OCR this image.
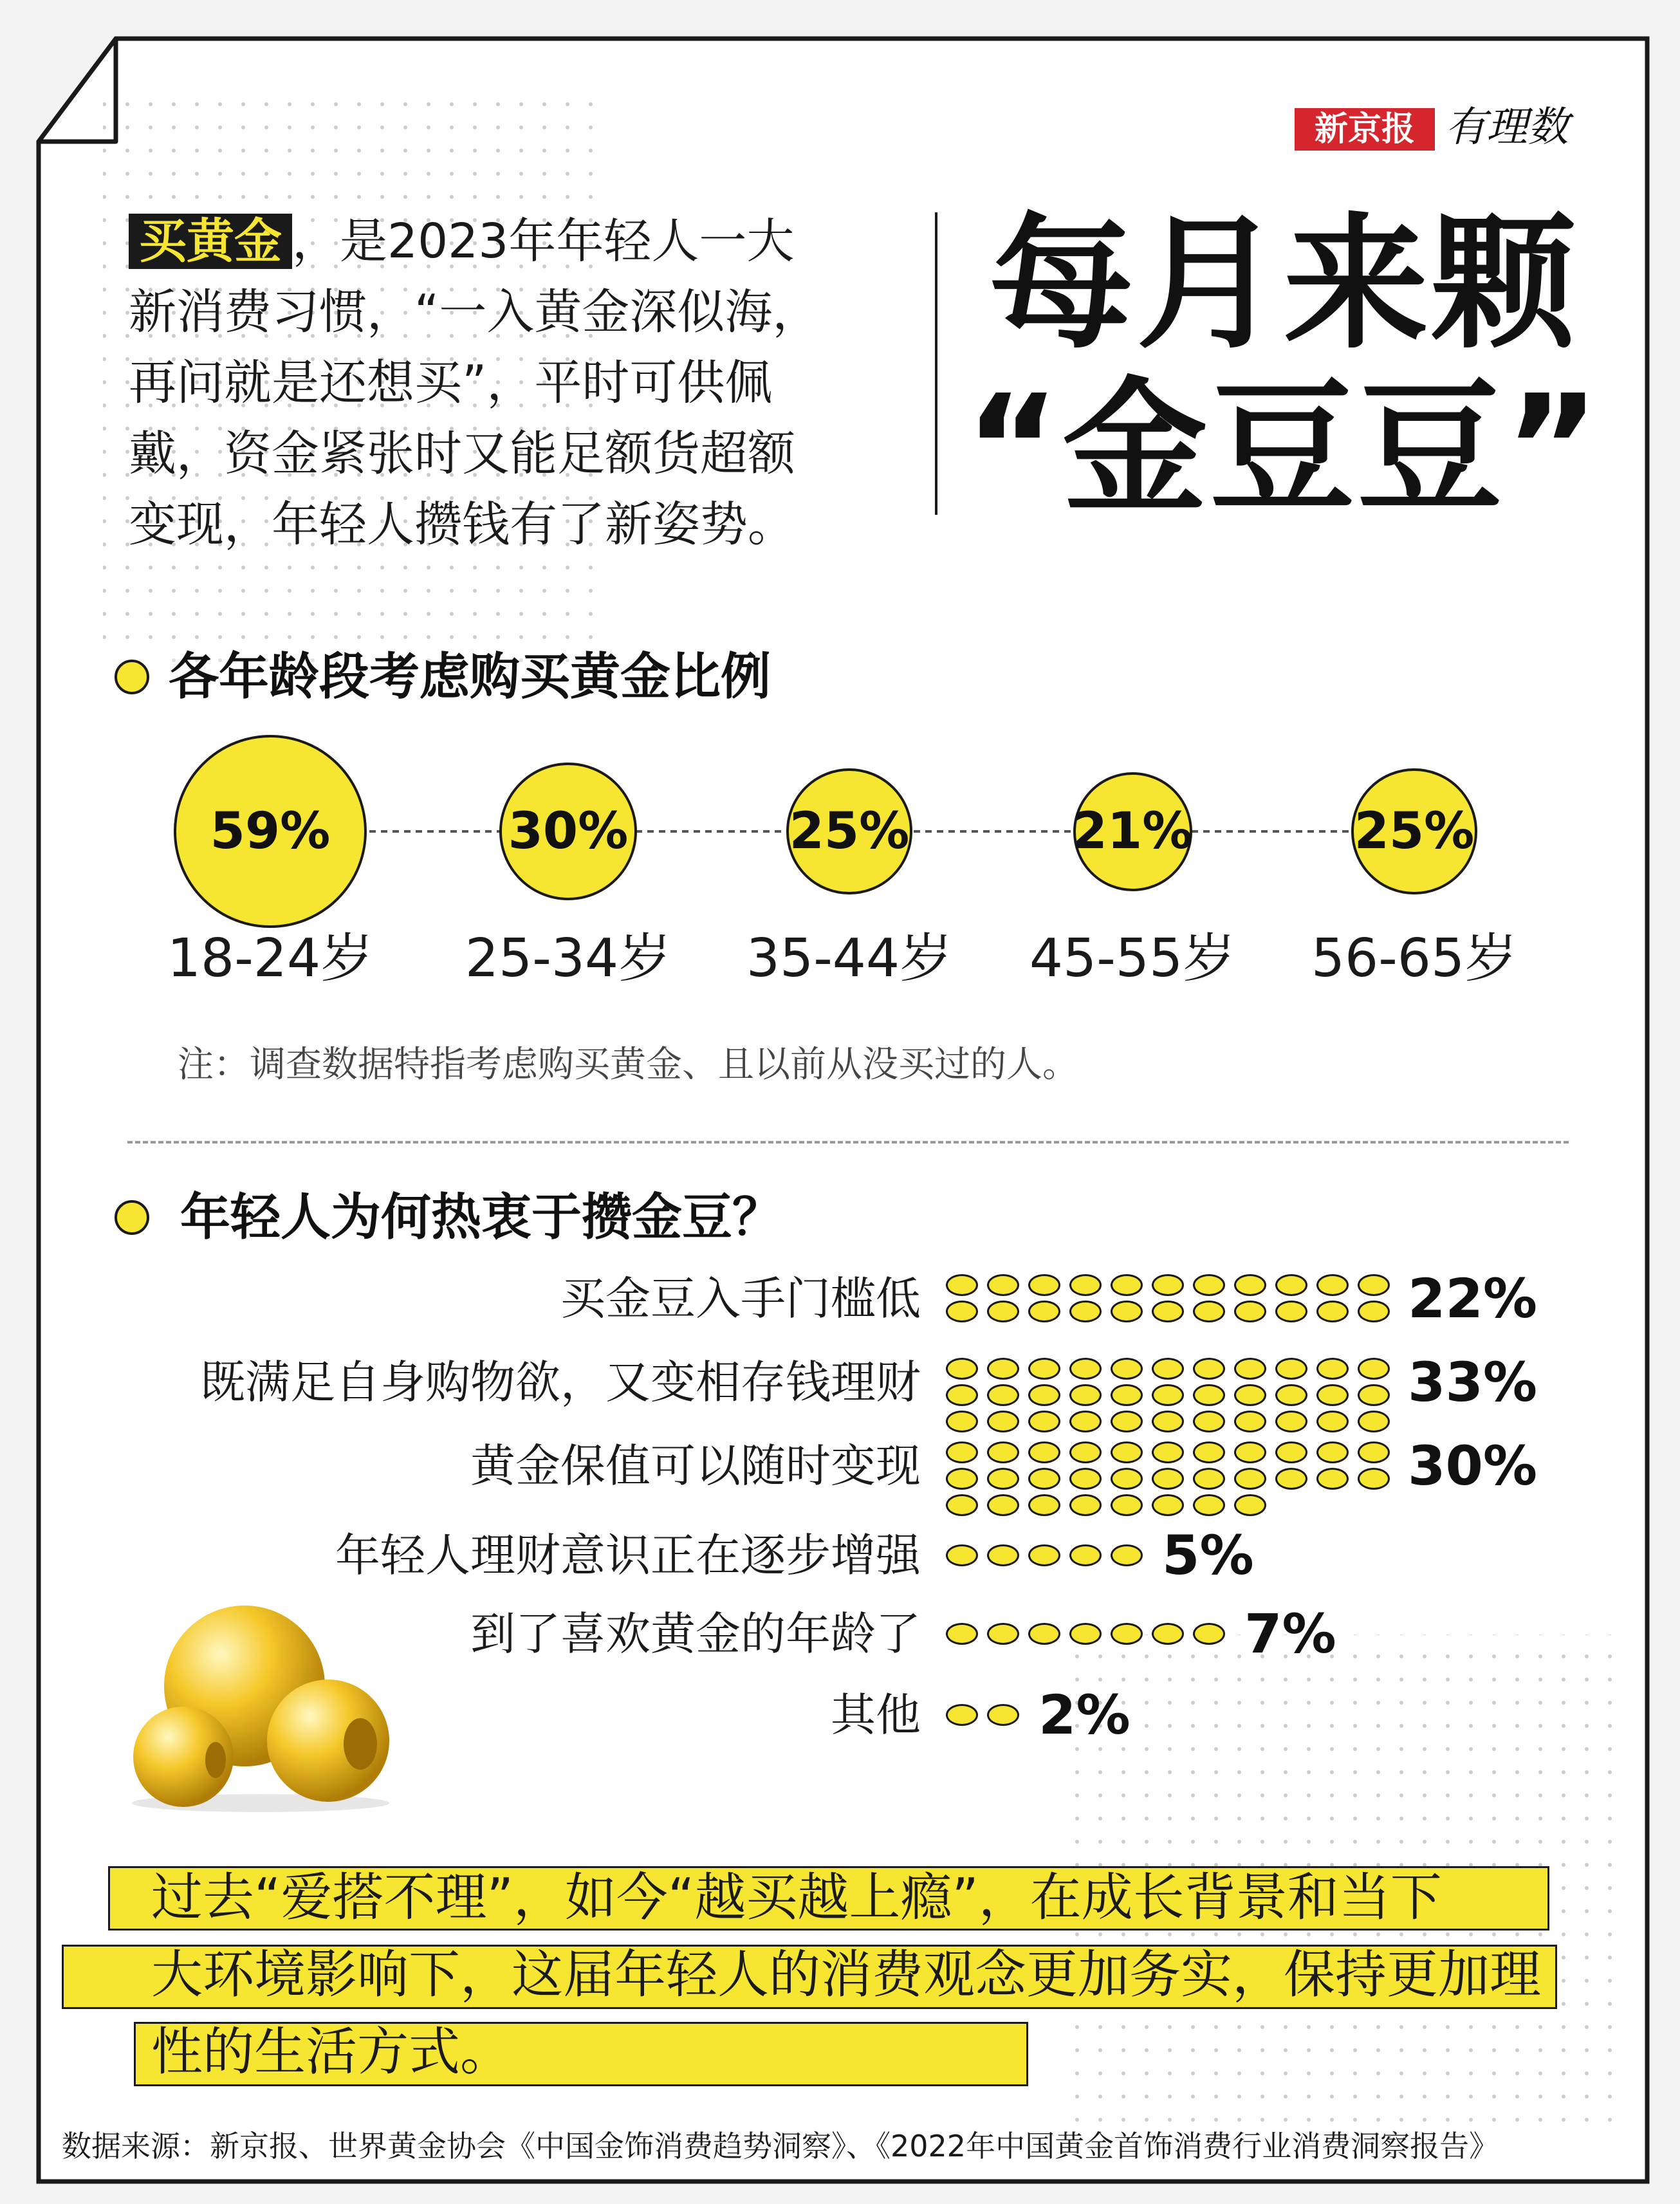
新京报 有理数
买黄金 ，是2023年年轻人一大
新消费习惯，“一入黄金深似海，
再问就是还想买”，平时可供佩
戴，资金紧张时又能足额货超额
变现，年轻人攒钱有了新姿势。
每月来颗
“金豆豆”
各年龄段考虑购买黄金比例
59%
18-24岁
30%
25-34岁
25%
35-44岁
21%
45-55岁
25%
56-65岁
注：调查数据特指考虑购买黄金、且以前从没买过的人。
年轻人为何热衷于攒金豆？
22%
买金豆入手门槛低
33%
既满足自身购物欲，又变相存钱理财
30%
黄金保值可以随时变现
5%
年轻人理财意识正在逐步增强
7%
到了喜欢黄金的年龄了
2%
其他
过去“爱搭不理”，如今“越买越上瘾”，在成长背景和当下
大环境影响下，这届年轻人的消费观念更加务实，保持更加理
性的生活方式。
数据来源：新京报、世界黄金协会《中国金饰消费趋势洞察》、《2022年中国黄金首饰消费行业消费洞察报告》
